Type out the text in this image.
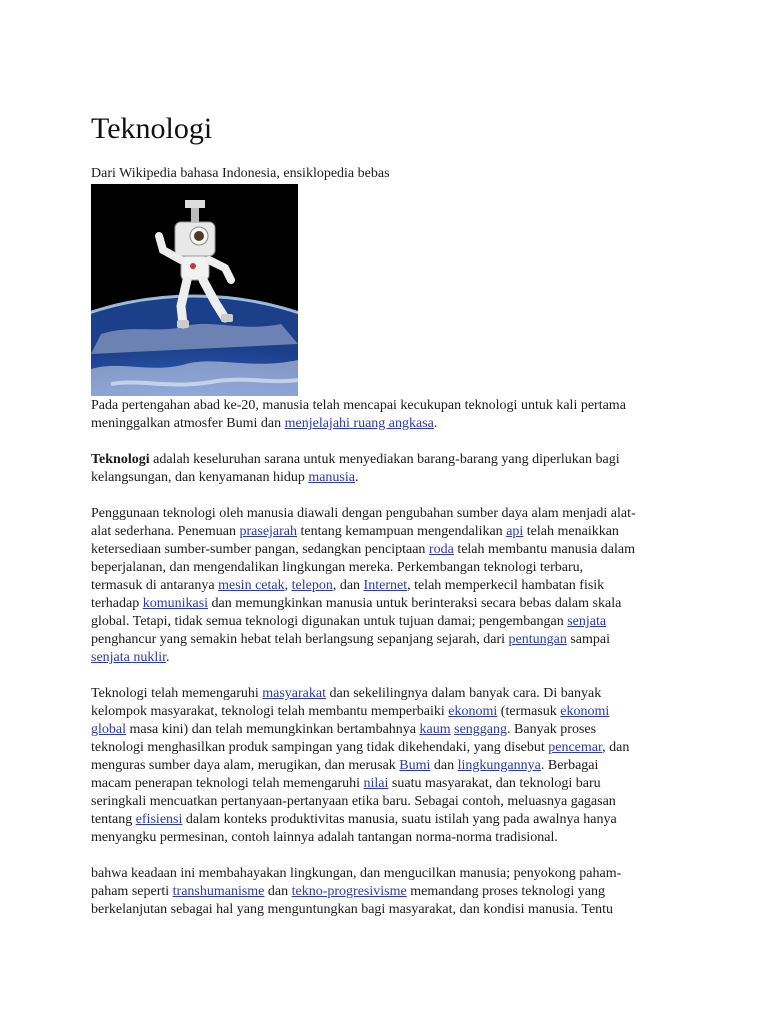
Teknologi
Dari Wikipedia bahasa Indonesia, ensiklopedia bebas

Pada pertengahan abad ke-20, manusia telah mencapai kecukupan teknologi untuk kali pertama
meninggalkan atmosfer Bumi dan menjelajahi ruang angkasa.

Teknologi adalah keseluruhan sarana untuk menyediakan barang-barang yang diperlukan bagi
kelangsungan, dan kenyamanan hidup manusia.

Penggunaan teknologi oleh manusia diawali dengan pengubahan sumber daya alam menjadi alat-
alat sederhana. Penemuan prasejarah tentang kemampuan mengendalikan api telah menaikkan
ketersediaan sumber-sumber pangan, sedangkan penciptaan roda telah membantu manusia dalam
beperjalanan, dan mengendalikan lingkungan mereka. Perkembangan teknologi terbaru,
termasuk di antaranya mesin cetak, telepon, dan Internet, telah memperkecil hambatan fisik
terhadap komunikasi dan memungkinkan manusia untuk berinteraksi secara bebas dalam skala
global. Tetapi, tidak semua teknologi digunakan untuk tujuan damai; pengembangan senjata
penghancur yang semakin hebat telah berlangsung sepanjang sejarah, dari pentungan sampai
senjata nuklir.

Teknologi telah memengaruhi masyarakat dan sekelilingnya dalam banyak cara. Di banyak
kelompok masyarakat, teknologi telah membantu memperbaiki ekonomi (termasuk ekonomi
global masa kini) dan telah memungkinkan bertambahnya kaum senggang. Banyak proses
teknologi menghasilkan produk sampingan yang tidak dikehendaki, yang disebut pencemar, dan
menguras sumber daya alam, merugikan, dan merusak Bumi dan lingkungannya. Berbagai
macam penerapan teknologi telah memengaruhi nilai suatu masyarakat, dan teknologi baru
seringkali mencuatkan pertanyaan-pertanyaan etika baru. Sebagai contoh, meluasnya gagasan
tentang efisiensi dalam konteks produktivitas manusia, suatu istilah yang pada awalnya hanya
menyangku permesinan, contoh lainnya adalah tantangan norma-norma tradisional.

bahwa keadaan ini membahayakan lingkungan, dan mengucilkan manusia; penyokong paham-
paham seperti transhumanisme dan tekno-progresivisme memandang proses teknologi yang
berkelanjutan sebagai hal yang menguntungkan bagi masyarakat, dan kondisi manusia. Tentu
